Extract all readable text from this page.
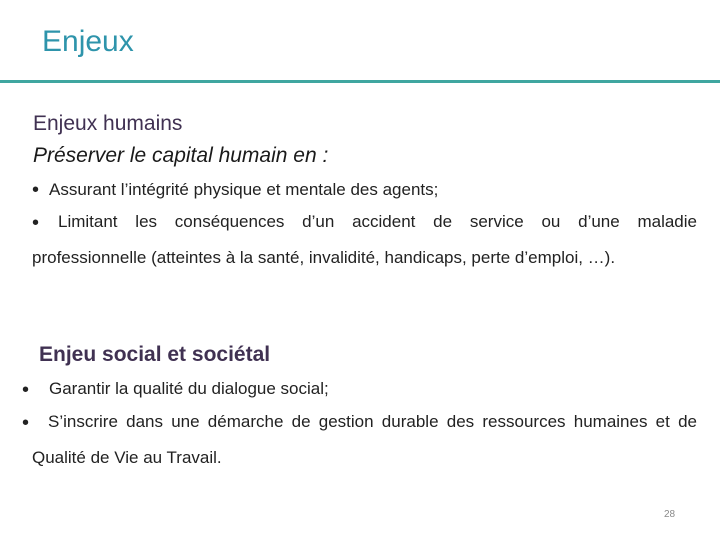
Enjeux
Enjeux humains

Préserver le capital humain en :

• Assurant l’intégrité physique et mentale des agents;
•	Limitant les conséquences d’un accident de service ou d’une maladie professionnelle (atteintes à la santé, invalidité, handicaps, perte d’emploi, …).
Enjeu social et sociétal
• Garantir la qualité du dialogue social;
•	S’inscrire dans une démarche de gestion durable des ressources humaines et de Qualité de Vie au Travail.
28
